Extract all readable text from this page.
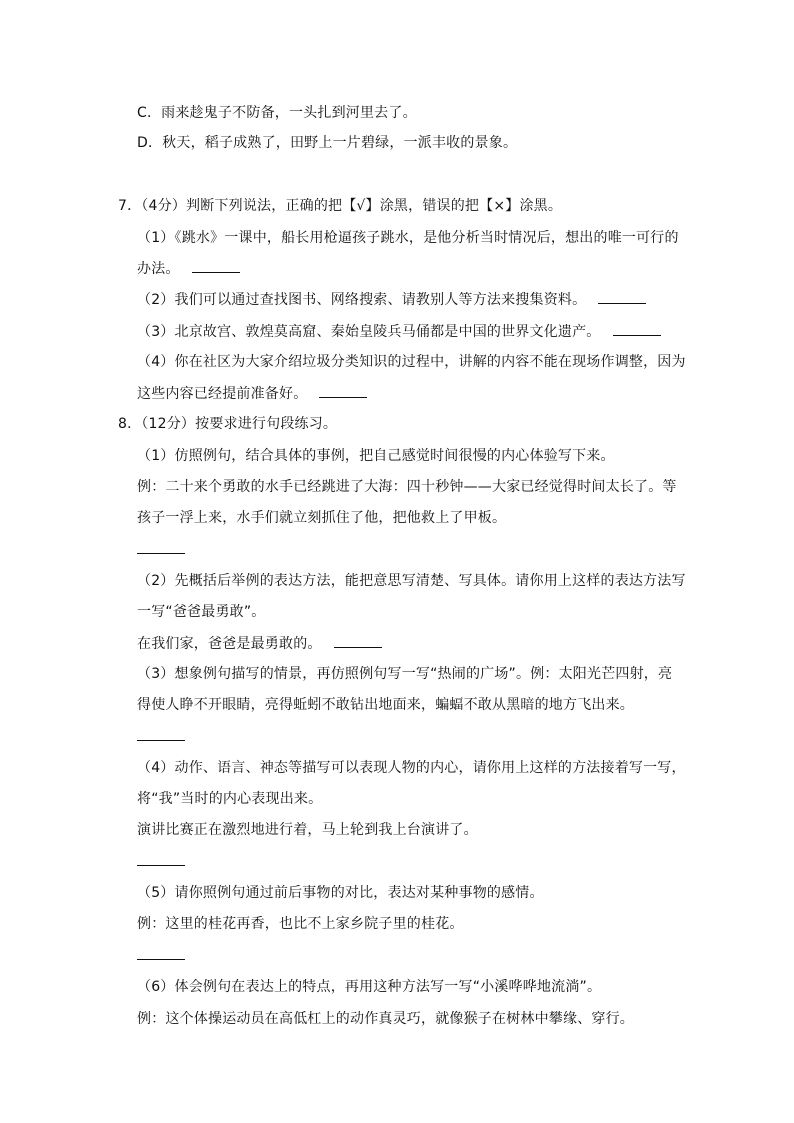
C．雨来趁鬼子不防备，一头扎到河里去了。
D．秋天，稻子成熟了，田野上一片碧绿，一派丰收的景象。
7．（4分）判断下列说法，正确的把【√】涂黑，错误的把【×】涂黑。
（1）《跳水》一课中，船长用枪逼孩子跳水，是他分析当时情况后，想出的唯一可行的
办法。
（2）我们可以通过查找图书、网络搜索、请教别人等方法来搜集资料。
（3）北京故宫、敦煌莫高窟、秦始皇陵兵马俑都是中国的世界文化遗产。
（4）你在社区为大家介绍垃圾分类知识的过程中，讲解的内容不能在现场作调整，因为
这些内容已经提前准备好。
8．（12分）按要求进行句段练习。
（1）仿照例句，结合具体的事例，把自己感觉时间很慢的内心体验写下来。
例：二十来个勇敢的水手已经跳进了大海：四十秒钟——大家已经觉得时间太长了。等
孩子一浮上来，水手们就立刻抓住了他，把他救上了甲板。
（2）先概括后举例的表达方法，能把意思写清楚、写具体。请你用上这样的表达方法写
一写“爸爸最勇敢”。
在我们家，爸爸是最勇敢的。
（3）想象例句描写的情景，再仿照例句写一写“热闹的广场”。例：太阳光芒四射，亮
得使人睁不开眼睛，亮得蚯蚓不敢钻出地面来，蝙蝠不敢从黑暗的地方飞出来。
（4）动作、语言、神态等描写可以表现人物的内心，请你用上这样的方法接着写一写，
将“我”当时的内心表现出来。
演讲比赛正在激烈地进行着，马上轮到我上台演讲了。
（5）请你照例句通过前后事物的对比，表达对某种事物的感情。
例：这里的桂花再香，也比不上家乡院子里的桂花。
（6）体会例句在表达上的特点，再用这种方法写一写“小溪哗哗地流淌”。
例：这个体操运动员在高低杠上的动作真灵巧，就像猴子在树林中攀缘、穿行。
